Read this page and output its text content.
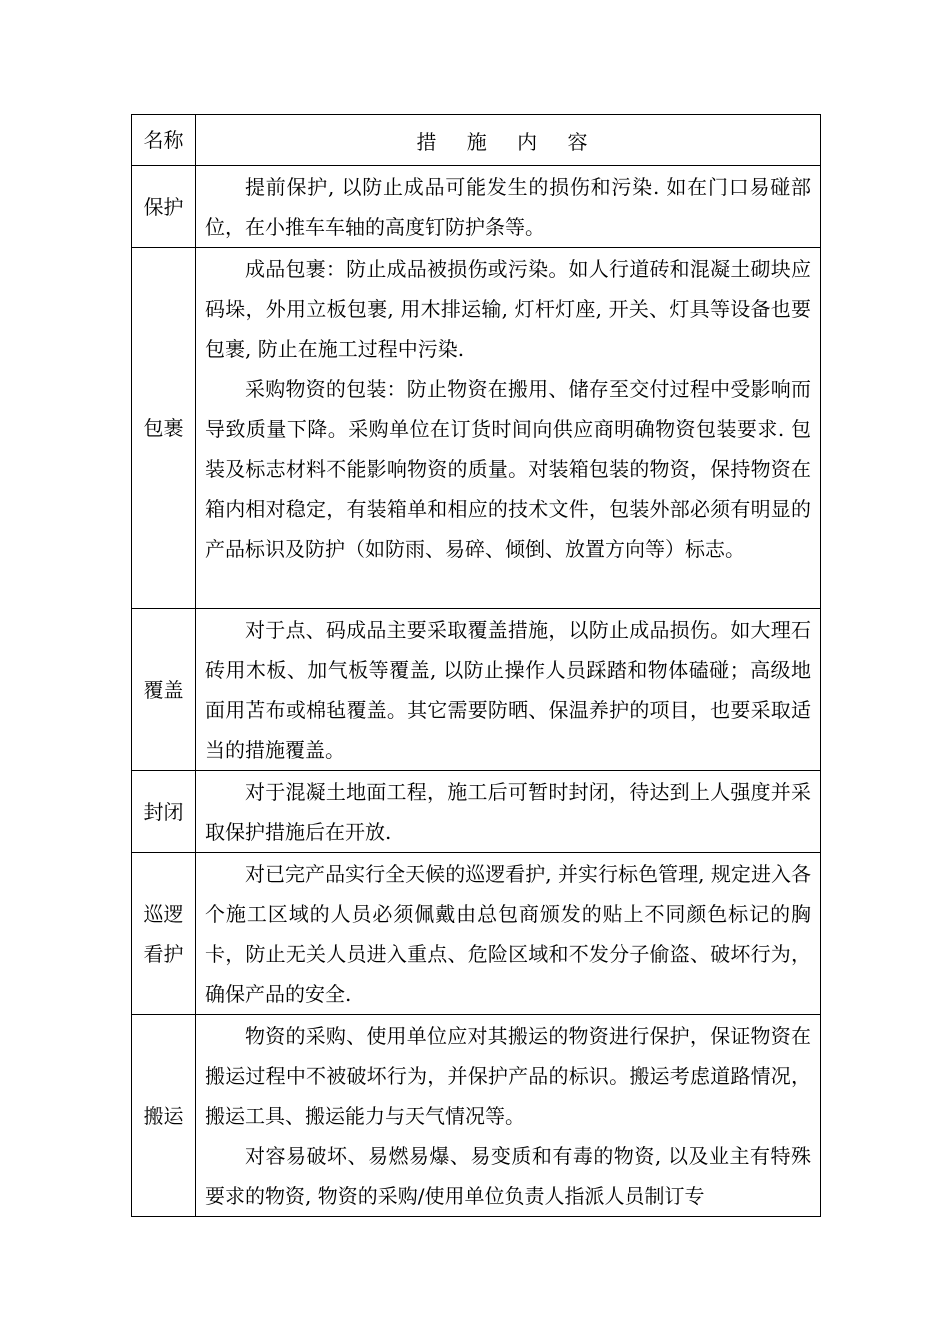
名称	措 施 内 容

保护	提前保护, 以防止成品可能发生的损伤和污染. 如在门口易碰部位，在小推车车轴的高度钉防护条等。

包裹	成品包裹：防止成品被损伤或污染。如人行道砖和混凝土砌块应码垛，外用立板包裹, 用木排运输, 灯杆灯座, 开关、灯具等设备也要包裹, 防止在施工过程中污染.

采购物资的包装：防止物资在搬用、储存至交付过程中受影响而导致质量下降。采购单位在订货时间向供应商明确物资包装要求. 包装及标志材料不能影响物资的质量。对装箱包装的物资，保持物资在箱内相对稳定，有装箱单和相应的技术文件，包装外部必须有明显的产品标识及防护（如防雨、易碎、倾倒、放置方向等）标志。

覆盖	对于点、码成品主要采取覆盖措施，以防止成品损伤。如大理石砖用木板、加气板等覆盖, 以防止操作人员踩踏和物体磕碰；高级地面用苫布或棉毡覆盖。其它需要防晒、保温养护的项目，也要采取适当的措施覆盖。

封闭	对于混凝土地面工程，施工后可暂时封闭，待达到上人强度并采取保护措施后在开放.

巡逻
看护	对已完产品实行全天候的巡逻看护, 并实行标色管理, 规定进入各个施工区域的人员必须佩戴由总包商颁发的贴上不同颜色标记的胸卡，防止无关人员进入重点、危险区域和不发分子偷盗、破坏行为，确保产品的安全.

搬运	物资的采购、使用单位应对其搬运的物资进行保护，保证物资在搬运过程中不被破坏行为，并保护产品的标识。搬运考虑道路情况，搬运工具、搬运能力与天气情况等。

对容易破坏、易燃易爆、易变质和有毒的物资, 以及业主有特殊要求的物资, 物资的采购/使用单位负责人指派人员制订专
